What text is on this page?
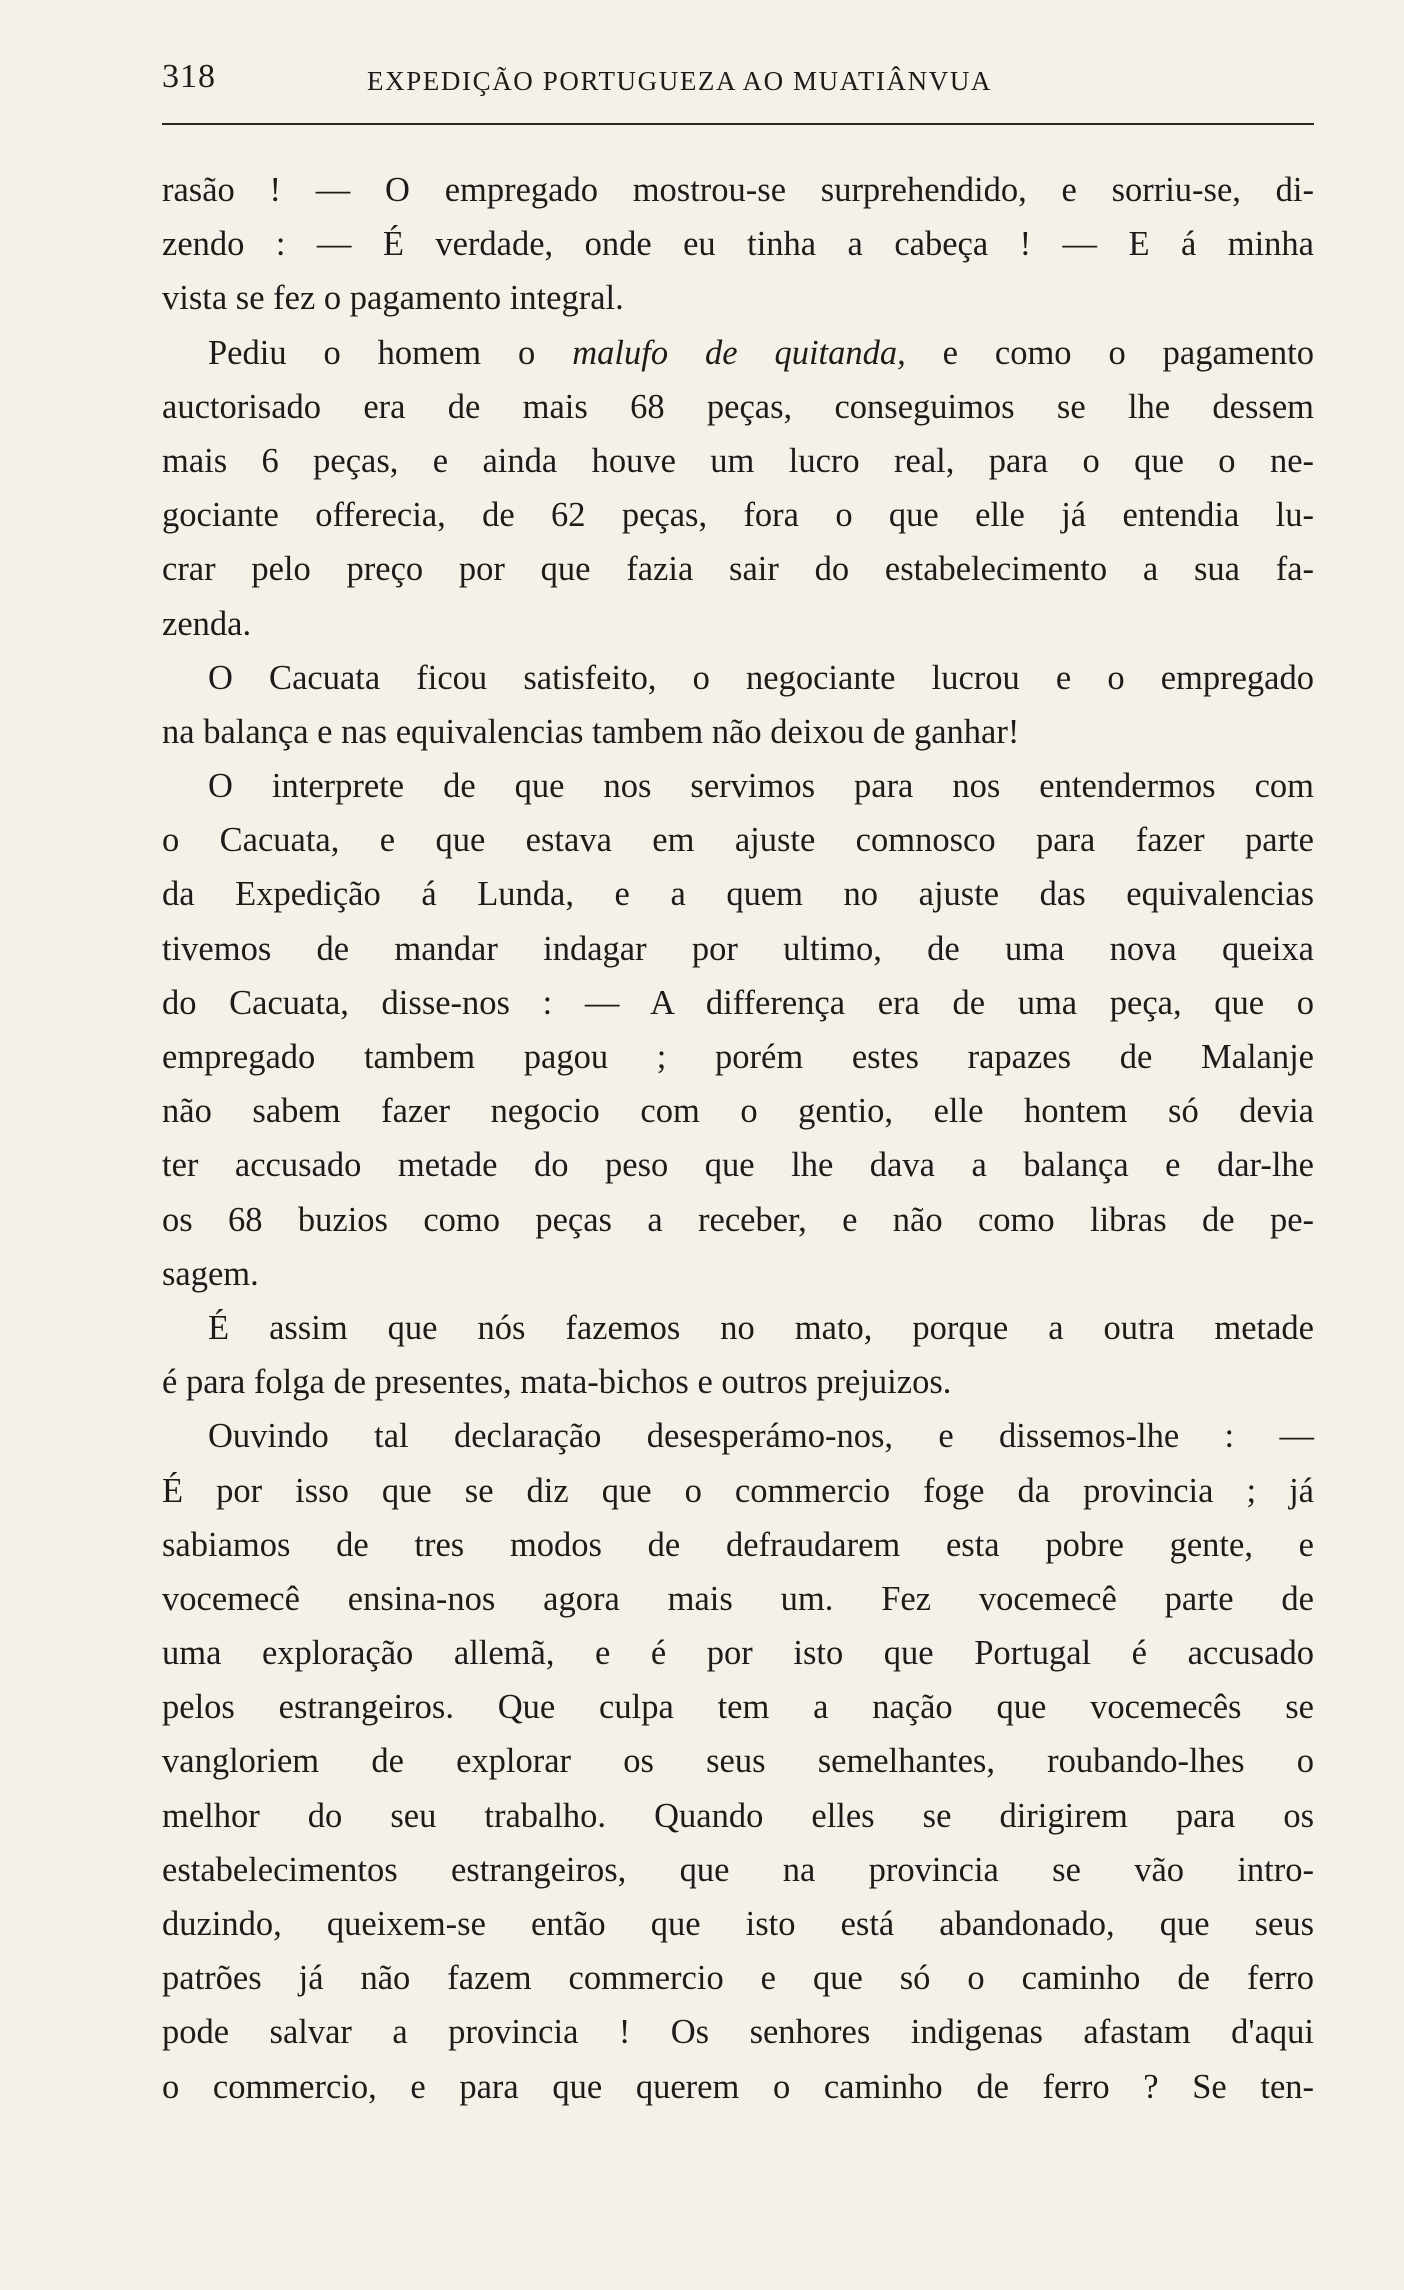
318	EXPEDIÇÃO PORTUGUEZA AO MUATIÂNVUA
rasão ! — O empregado mostrou-se surprehendido, e sorriu-se, di-
zendo : — É verdade, onde eu tinha a cabeça ! — E á minha
vista se fez o pagamento integral.
Pediu o homem o malufo de quitanda, e como o pagamento
auctorisado era de mais 68 peças, conseguimos se lhe dessem
mais 6 peças, e ainda houve um lucro real, para o que o ne-
gociante offerecia, de 62 peças, fora o que elle já entendia lu-
crar pelo preço por que fazia sair do estabelecimento a sua fa-
zenda.
O Cacuata ficou satisfeito, o negociante lucrou e o empregado
na balança e nas equivalencias tambem não deixou de ganhar!
O interprete de que nos servimos para nos entendermos com
o Cacuata, e que estava em ajuste comnosco para fazer parte
da Expedição á Lunda, e a quem no ajuste das equivalencias
tivemos de mandar indagar por ultimo, de uma nova queixa
do Cacuata, disse-nos : — A differença era de uma peça, que o
empregado tambem pagou ; porém estes rapazes de Malanje
não sabem fazer negocio com o gentio, elle hontem só devia
ter accusado metade do peso que lhe dava a balança e dar-lhe
os 68 buzios como peças a receber, e não como libras de pe-
sagem.
É assim que nós fazemos no mato, porque a outra metade
é para folga de presentes, mata-bichos e outros prejuizos.
Ouvindo tal declaração desesperámo-nos, e dissemos-lhe : —
É por isso que se diz que o commercio foge da provincia ; já
sabiamos de tres modos de defraudarem esta pobre gente, e
vocemecê ensina-nos agora mais um. Fez vocemecê parte de
uma exploração allemã, e é por isto que Portugal é accusado
pelos estrangeiros. Que culpa tem a nação que vocemecês se
vangloriem de explorar os seus semelhantes, roubando-lhes o
melhor do seu trabalho. Quando elles se dirigirem para os
estabelecimentos estrangeiros, que na provincia se vão intro-
duzindo, queixem-se então que isto está abandonado, que seus
patrões já não fazem commercio e que só o caminho de ferro
pode salvar a provincia ! Os senhores indigenas afastam d'aqui
o commercio, e para que querem o caminho de ferro ? Se ten-
